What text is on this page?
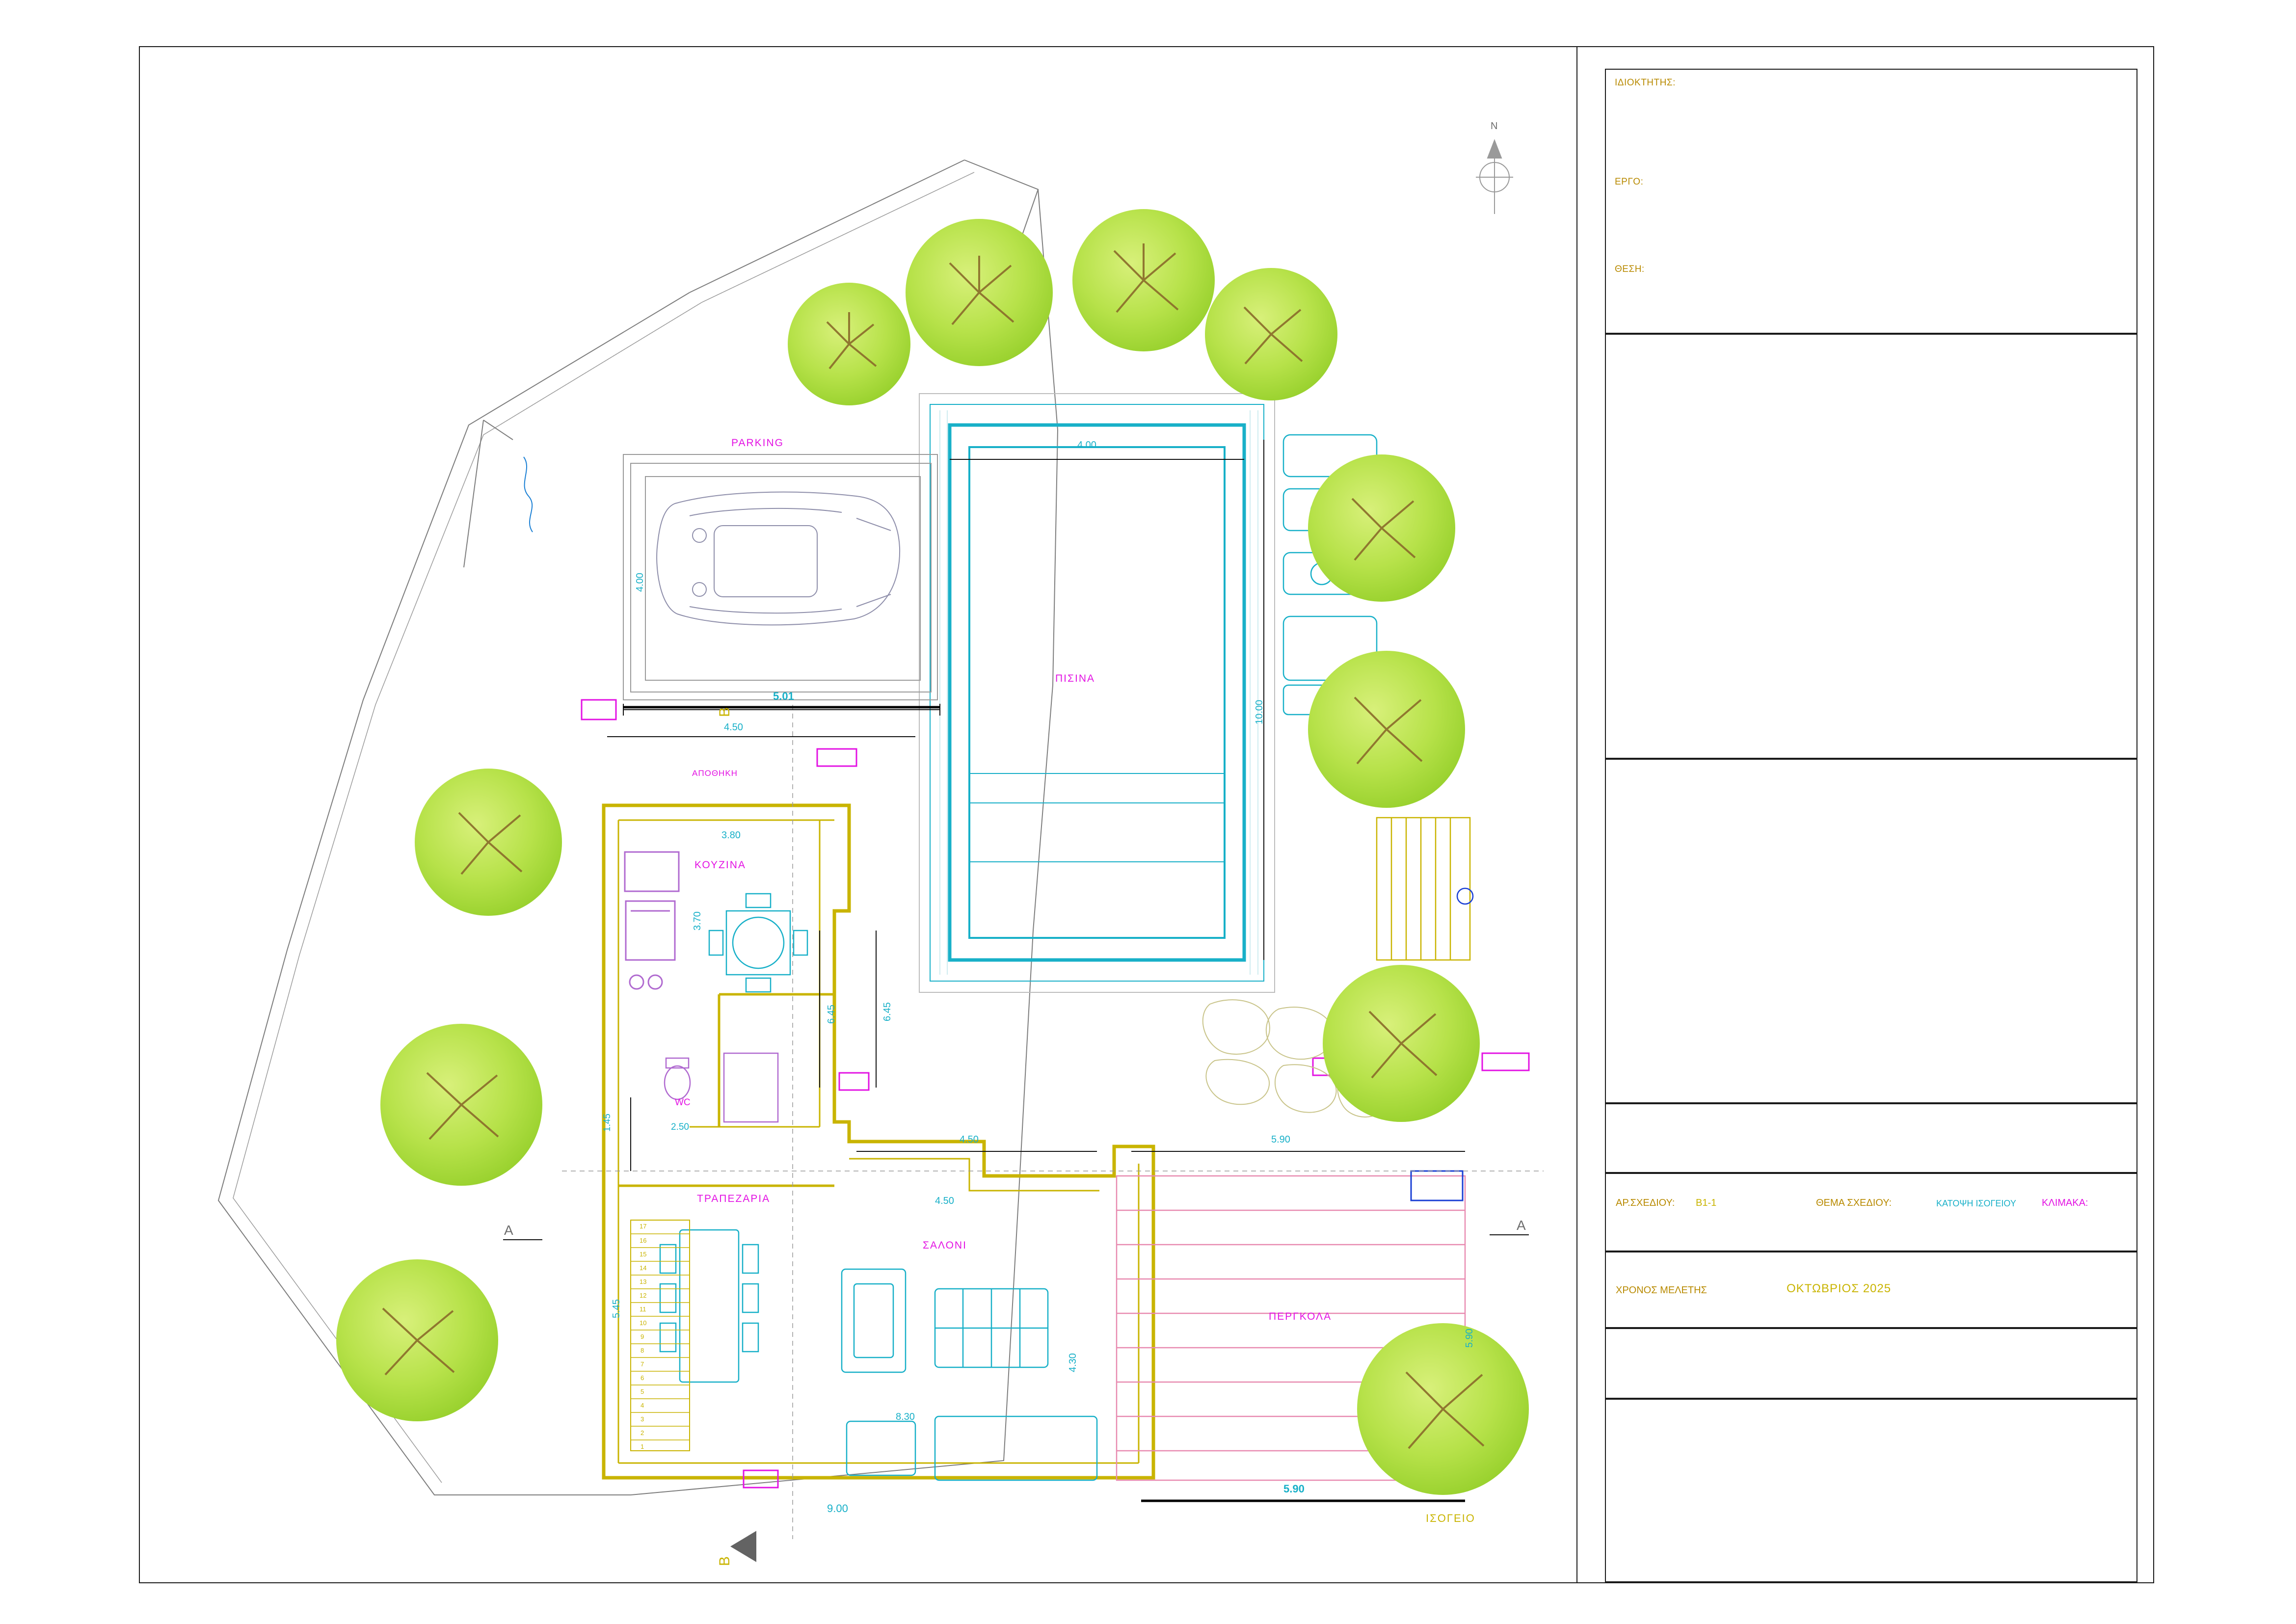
PARKING
ΠΙΣΙΝΑ
ΚΟΥΖΙΝΑ
WC
ΤΡΑΠΕΖΑΡΙΑ
ΣΑΛΟΝΙ
ΠΕΡΓΚΟΛΑ
ΑΠΟΘΗΚΗ
ΙΣΟΓΕΙΟ
4.00
10.00
4.00
5.01
4.50
3.80
3.70
6.45	6.45
2.50
1.45
4.50	5.90
4.50
5.45
8.30
4.30
9.00
5.90
5.90
A	A
B
B
17
16
15
14
13
12
11
10
9
8
7
6
5
4
3
2
1
N
ΙΔΙΟΚΤΗΤΗΣ:
ΕΡΓΟ:
ΘΕΣΗ:
ΑΡ.ΣΧΕΔΙΟΥ: B1-1	ΘΕΜΑ ΣΧΕΔΙΟΥ:	ΚΑΤΟΨΗ ΙΣΟΓΕΙΟΥ	ΚΛΙΜΑΚΑ:
ΧΡΟΝΟΣ ΜΕΛΕΤΗΣ	ΟΚΤΩΒΡΙΟΣ 2025
